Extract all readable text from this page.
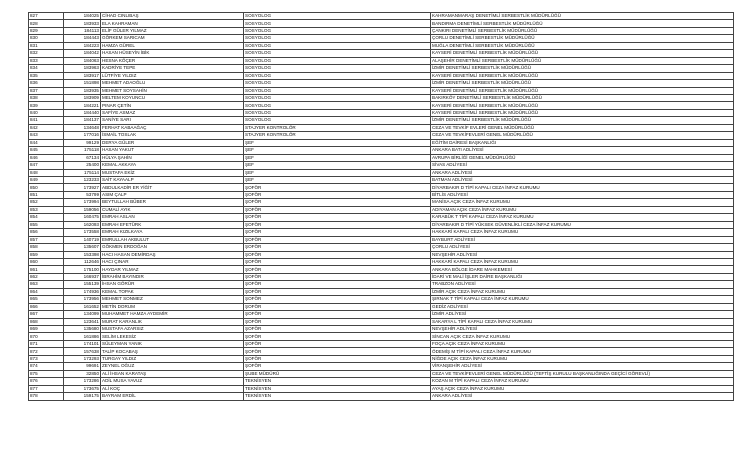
827	184025	CİHAD CINLIBAŞ	SOSYOLOG	KAHRAMANMARAŞ DENETİMLİ SERBESTLİK MÜDÜRLÜĞÜ
828	183933	ELA KAHRAMAN	SOSYOLOG	BANDIRMA DENETİMLİ SERBESTLİK MÜDÜRLÜĞÜ
829	184113	ELİF GÜLER YILMAZ	SOSYOLOG	ÇANKIRI DENETİMLİ SERBESTLİK MÜDÜRLÜĞÜ
830	184443	GÖRKEM SARICAM	SOSYOLOG	ÇORLU DENETİMLİ SERBESTLİK MÜDÜRLÜĞÜ
831	184223	HAMZA GÜREL	SOSYOLOG	MUĞLA DENETİMLİ SERBESTLİK MÜDÜRLÜĞÜ
832	184042	HASAN HÜSEYİN İBİK	SOSYOLOG	KAYSERİ DENETİMLİ SERBESTLİK MÜDÜRLÜĞÜ
833	184063	HESNA KÖÇER	SOSYOLOG	ALAŞEHİR DENETİMLİ SERBESTLİK MÜDÜRLÜĞÜ
834	183963	KADRİYE TEPE	SOSYOLOG	İZMİR DENETİMLİ SERBESTLİK MÜDÜRLÜĞÜ
835	183917	LÜTFİYE YILDIZ	SOSYOLOG	KAYSERİ DENETİMLİ SERBESTLİK MÜDÜRLÜĞÜ
836	151898	MEHMET ADAOĞLU	SOSYOLOG	İZMİR DENETİMLİ SERBESTLİK MÜDÜRLÜĞÜ
837	183935	MEHMET SOYSAHİN	SOSYOLOG	KAYSERİ DENETİMLİ SERBESTLİK MÜDÜRLÜĞÜ
838	183909	MELTEM KOYUNCU	SOSYOLOG	BAKIRKÖY DENETİMLİ SERBESTLİK MÜDÜRLÜĞÜ
839	184221	PINAR ÇETİN	SOSYOLOG	KAYSERİ DENETİMLİ SERBESTLİK MÜDÜRLÜĞÜ
840	184440	SAFİYE ASMAZ	SOSYOLOG	KAYSERİ DENETİMLİ SERBESTLİK MÜDÜRLÜĞÜ
841	184137	SANİYE SARI	SOSYOLOG	İZMİR DENETİMLİ SERBESTLİK MÜDÜRLÜĞÜ
842	134648	FERHAT KABAAĞAÇ	STAJYER KONTROLÖR	CEZA VE TEVKİF EVLERİ GENEL MÜDÜRLÜĞÜ
843	177016	İSMAİL TOSLAK	STAJYER KONTROLÖR	CEZA VE TEVKİFEVLERİ GENEL MÜDÜRLÜĞÜ
844	99129	DERYA GÜLER	ŞEF	EĞİTİM DAİRESİ BAŞKANLIĞI
845	175118	HASAN YAKUT	ŞEF	ANKARA BATI ADLİYESİ
846	67134	HÜLYA ŞAHİN	ŞEF	AVRUPA BİRLİĞİ GENEL MÜDÜRLÜĞÜ
847	25400	KEMAL AKKAYA	ŞEF	SİVAS ADLİYESİ
848	175114	MUSTAFA EKİZ	ŞEF	ANKARA ADLİYESİ
849	123233	SAİT KAYAALP	ŞEF	BATMAN ADLİYESİ
850	173927	ABDULKADİR ER YİĞİT	ŞOFÖR	DİYARBAKIR D TİPİ KAPALI CEZA İNFAZ KURUMU
851	53799	ASIM ÇALP	ŞOFÖR	BİTLİS ADLİYESİ
852	173994	BEYTULLAH BÜBER	ŞOFÖR	MANİSA AÇIK CEZA İNFAZ KURUMU
853	159056	CUMALİ AYIK	ŞOFÖR	ADIYAMAN AÇIK CEZA İNFAZ KURUMU
854	160475	EMRAH ASLAN	ŞOFÖR	KARABÜK T TİPİ KAPALI CEZA İNFAZ KURUMU
855	162093	EMRAH EFETÜRK	ŞOFÖR	DİYARBAKIR D TİPİ YÜKSEK GÜVENLİKLİ CEZA İNFAZ KURUMU
856	173558	EMRAH KIZILKAYA	ŞOFÖR	HAKKARİ KAPALI CEZA İNFAZ KURUMU
857	140719	EMRULLAH AKBULUT	ŞOFÖR	BAYBURT ADLİYESİ
858	135607	GÖKMEN ERDOĞAN	ŞOFÖR	ÇORLU ADLİYESİ
859	153398	HACI HASAN DEMİRDAŞ	ŞOFÖR	NEVŞEHİR ADLİYESİ
860	112646	HACI ÇINAR	ŞOFÖR	HAKKARİ KAPALI CEZA İNFAZ KURUMU
861	175100	HAYDAR YILMAZ	ŞOFÖR	ANKARA BÖLGE İDARE MAHKEMESİ
862	166937	İBRAHİM BAYINDIR	ŞOFÖR	İDARİ VE MALİ İŞLER DAİRE BAŞKANLIĞI
863	155139	İHSAN GÖRÜR	ŞOFÖR	TRABZON ADLİYESİ
864	174936	KEMAL TOPAK	ŞOFÖR	İZMİR AÇIK CEZA İNFAZ KURUMU
865	173956	MEHMET SONMEZ	ŞOFÖR	ŞIRNAK T TİPİ KAPALI CEZA İNFAZ KURUMU
866	161652	METİN DORUM	ŞOFÖR	GEDİZ ADLİYESİ
867	134099	MUHAMMET HAMZA AYDEMİR	ŞOFÖR	İZMİR ADLİYESİ
868	123641	MURAT KARANLIK	ŞOFÖR	SAKARYA L TİPİ KAPALI CEZA İNFAZ KURUMU
869	135680	MUSTAFA AZARSIZ	ŞOFÖR	NEVŞEHİR ADLİYESİ
870	161886	SELİM LEKESİZ	ŞOFÖR	SİNCAN AÇIK CEZA İNFAZ KURUMU
871	174101	SÜLEYMAN YANIK	ŞOFÖR	FOÇA AÇIK CEZA İNFAZ KURUMU
872	157638	TALİP KOCABAŞ	ŞOFÖR	ÖDEMİŞ M TİPİ KAPALI CEZA İNFAZ KURUMU
873	173293	TURGAY YILDIZ	ŞOFÖR	NİĞDE AÇIK CEZA İNFAZ KURUMU
874	99691	ZEYNEL OĞUZ	ŞOFÖR	VİRANŞEHİR ADLİYESİ
875	32850	ALİ İHSAN KARATAŞ	ŞUBE MÜDÜRÜ	CEZA VE TEVKİFEVLERİ GENEL MÜDÜRLÜĞÜ (TEFTİŞ KURULU BAŞKANLIĞINDA GEÇİCİ GÖREVLİ)
876	173286	ADİL MUSA YAVUZ	TEKNİSYEN	KOZAN M TİPİ KAPALI CEZA İNFAZ KURUMU
877	173675	ALİ KOÇ	TEKNİSYEN	AYAŞ AÇIK CEZA İNFAZ KURUMU
878	159175	BAYRAM ERDİL	TEKNİSYEN	ANKARA ADLİYESİ
